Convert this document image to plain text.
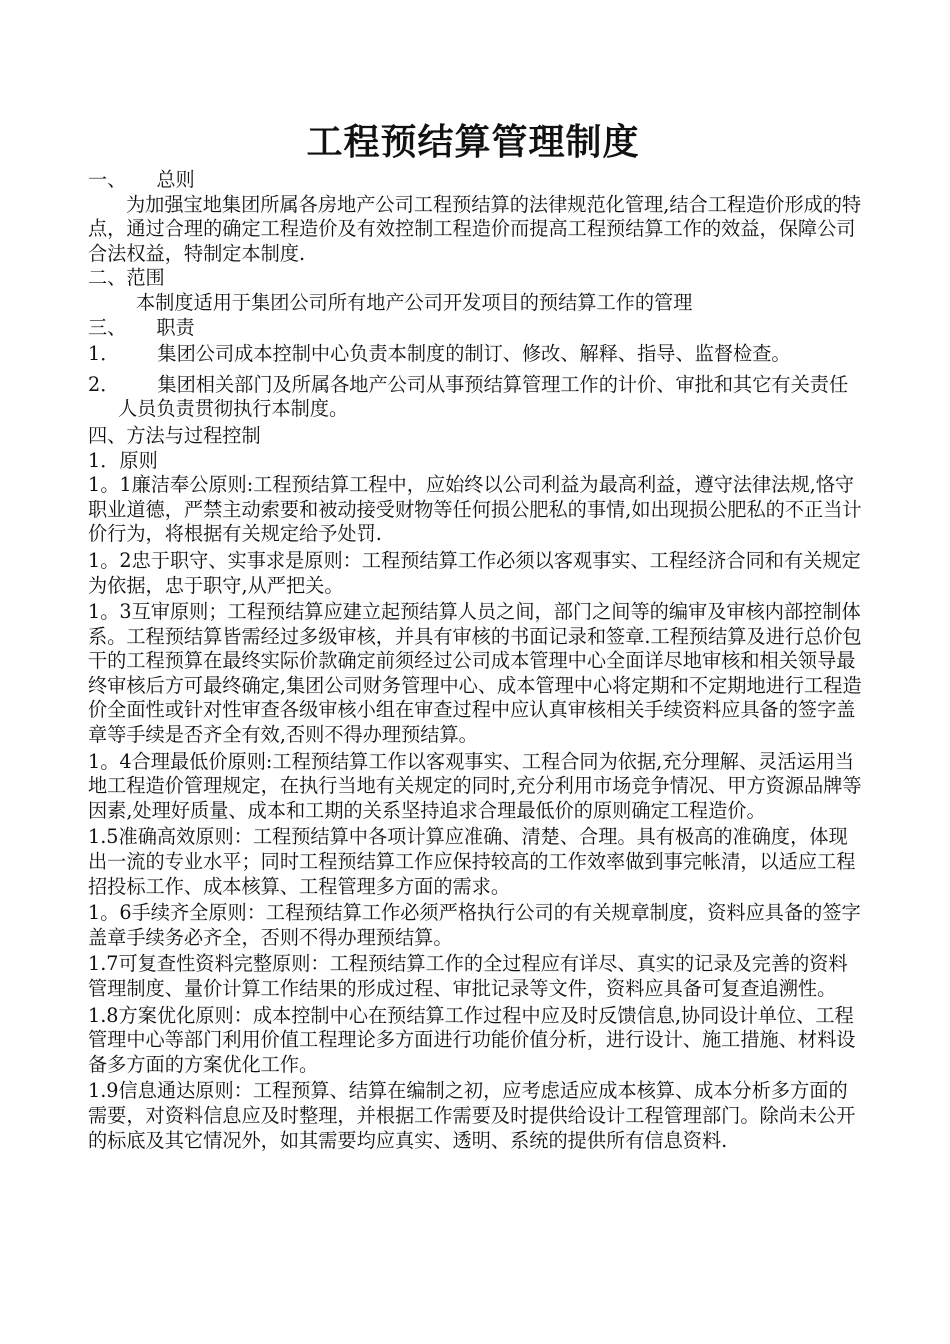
工程预结算管理制度

一、 总则

为加强宝地集团所属各房地产公司工程预结算的法律规范化管理,结合工程造价形成的特点，通过合理的确定工程造价及有效控制工程造价而提高工程预结算工作的效益，保障公司合法权益，特制定本制度.

二、范围

本制度适用于集团公司所有地产公司开发项目的预结算工作的管理

三、 职责

1． 集团公司成本控制中心负责本制度的制订、修改、解释、指导、监督检查。

2． 集团相关部门及所属各地产公司从事预结算管理工作的计价、审批和其它有关责任人员负责贯彻执行本制度。

四、方法与过程控制

1．原则

1。1廉洁奉公原则:工程预结算工程中，应始终以公司利益为最高利益，遵守法律法规,恪守职业道德，严禁主动索要和被动接受财物等任何损公肥私的事情,如出现损公肥私的不正当计价行为，将根据有关规定给予处罚.

1。2忠于职守、实事求是原则：工程预结算工作必须以客观事实、工程经济合同和有关规定为依据，忠于职守,从严把关。

1。3互审原则；工程预结算应建立起预结算人员之间，部门之间等的编审及审核内部控制体系。工程预结算皆需经过多级审核，并具有审核的书面记录和签章.工程预结算及进行总价包干的工程预算在最终实际价款确定前须经过公司成本管理中心全面详尽地审核和相关领导最终审核后方可最终确定,集团公司财务管理中心、成本管理中心将定期和不定期地进行工程造价全面性或针对性审查各级审核小组在审查过程中应认真审核相关手续资料应具备的签字盖章等手续是否齐全有效,否则不得办理预结算。

1。4合理最低价原则:工程预结算工作以客观事实、工程合同为依据,充分理解、灵活运用当地工程造价管理规定，在执行当地有关规定的同时,充分利用市场竞争情况、甲方资源品牌等因素,处理好质量、成本和工期的关系坚持追求合理最低价的原则确定工程造价。

1.5准确高效原则：工程预结算中各项计算应准确、清楚、合理。具有极高的准确度，体现出一流的专业水平；同时工程预结算工作应保持较高的工作效率做到事完帐清，以适应工程招投标工作、成本核算、工程管理多方面的需求。

1。6手续齐全原则：工程预结算工作必须严格执行公司的有关规章制度，资料应具备的签字盖章手续务必齐全，否则不得办理预结算。

1.7可复查性资料完整原则：工程预结算工作的全过程应有详尽、真实的记录及完善的资料管理制度、量价计算工作结果的形成过程、审批记录等文件，资料应具备可复查追溯性。

1.8方案优化原则：成本控制中心在预结算工作过程中应及时反馈信息,协同设计单位、工程管理中心等部门利用价值工程理论多方面进行功能价值分析，进行设计、施工措施、材料设备多方面的方案优化工作。

1.9信息通达原则：工程预算、结算在编制之初，应考虑适应成本核算、成本分析多方面的需要，对资料信息应及时整理，并根据工作需要及时提供给设计工程管理部门。除尚未公开的标底及其它情况外，如其需要均应真实、透明、系统的提供所有信息资料.
